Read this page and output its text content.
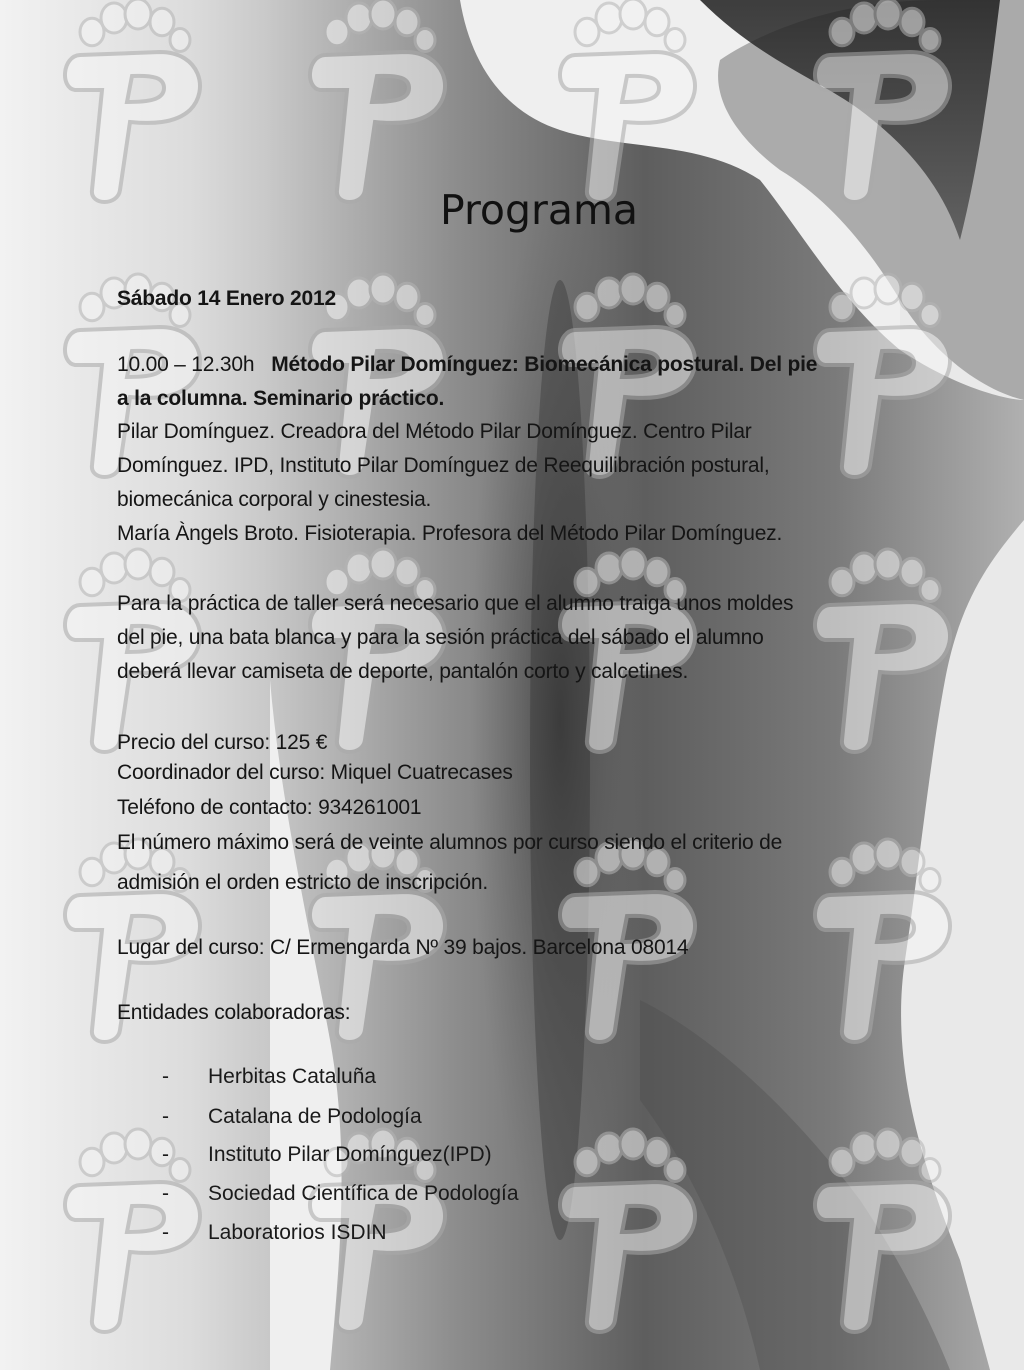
Programa
Sábado 14 Enero 2012
10.00 – 12.30h Método Pilar Domínguez: Biomecánica postural. Del pie
a la columna. Seminario práctico.
Pilar Domínguez. Creadora del Método Pilar Domínguez. Centro Pilar
Domínguez. IPD, Instituto Pilar Domínguez de Reequilibración postural,
biomecánica corporal y cinestesia.
María Àngels Broto. Fisioterapia. Profesora del Método Pilar Domínguez.
Para la práctica de taller será necesario que el alumno traiga unos moldes
del pie, una bata blanca y para la sesión práctica del sábado el alumno
deberá llevar camiseta de deporte, pantalón corto y calcetines.
Precio del curso: 125 €
Coordinador del curso: Miquel Cuatrecases
Teléfono de contacto: 934261001
El número máximo será de veinte alumnos por curso siendo el criterio de
admisión el orden estricto de inscripción.
Lugar del curso: C/ Ermengarda Nº 39 bajos. Barcelona 08014
Entidades colaboradoras:
- Herbitas Cataluña
- Catalana de Podología
- Instituto Pilar Domínguez(IPD)
- Sociedad Científica de Podología
- Laboratorios ISDIN
